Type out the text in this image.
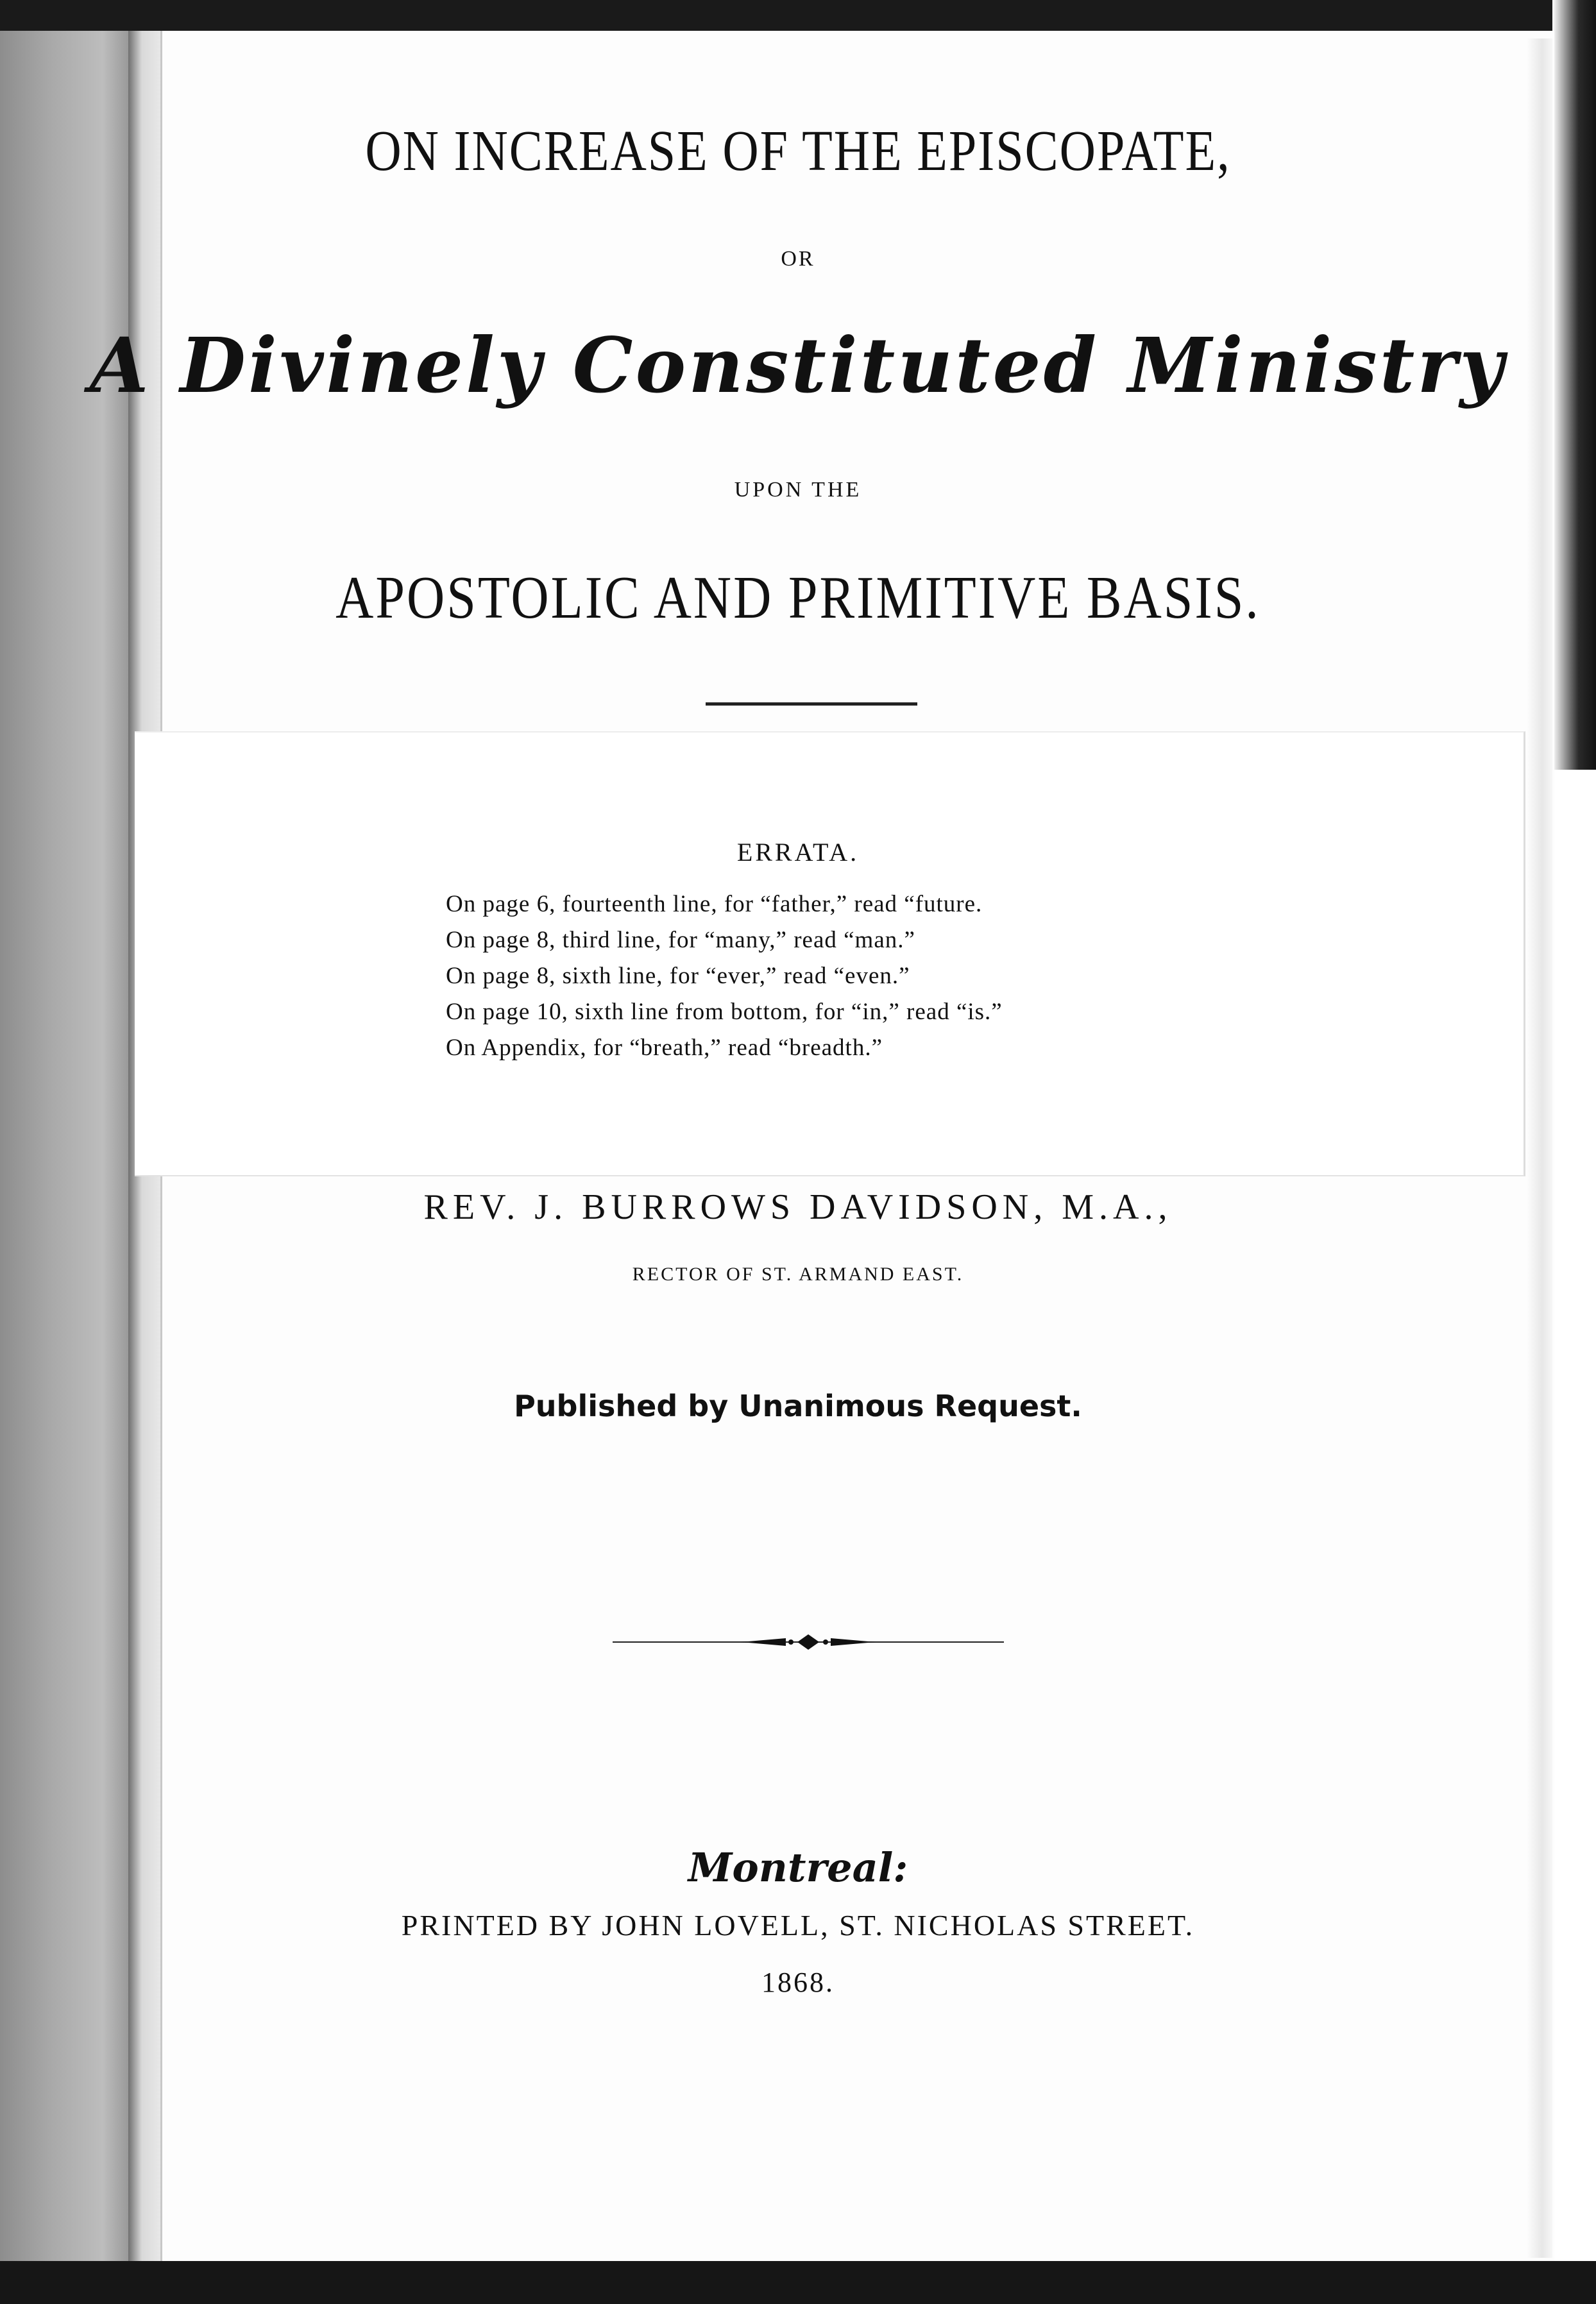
ON INCREASE OF THE EPISCOPATE,
OR
A Divinely Constituted Ministry
UPON THE
APOSTOLIC AND PRIMITIVE BASIS.
ERRATA.
On page 6, fourteenth line, for “father,” read “future.
On page 8, third line, for “many,” read “man.”
On page 8, sixth line, for “ever,” read “even.”
On page 10, sixth line from bottom, for “in,” read “is.”
On Appendix, for “breath,” read “breadth.”
REV. J. BURROWS DAVIDSON, M.A.,
RECTOR OF ST. ARMAND EAST.
Published by Unanimous Request.
Montreal:
PRINTED BY JOHN LOVELL, ST. NICHOLAS STREET.
1868.
